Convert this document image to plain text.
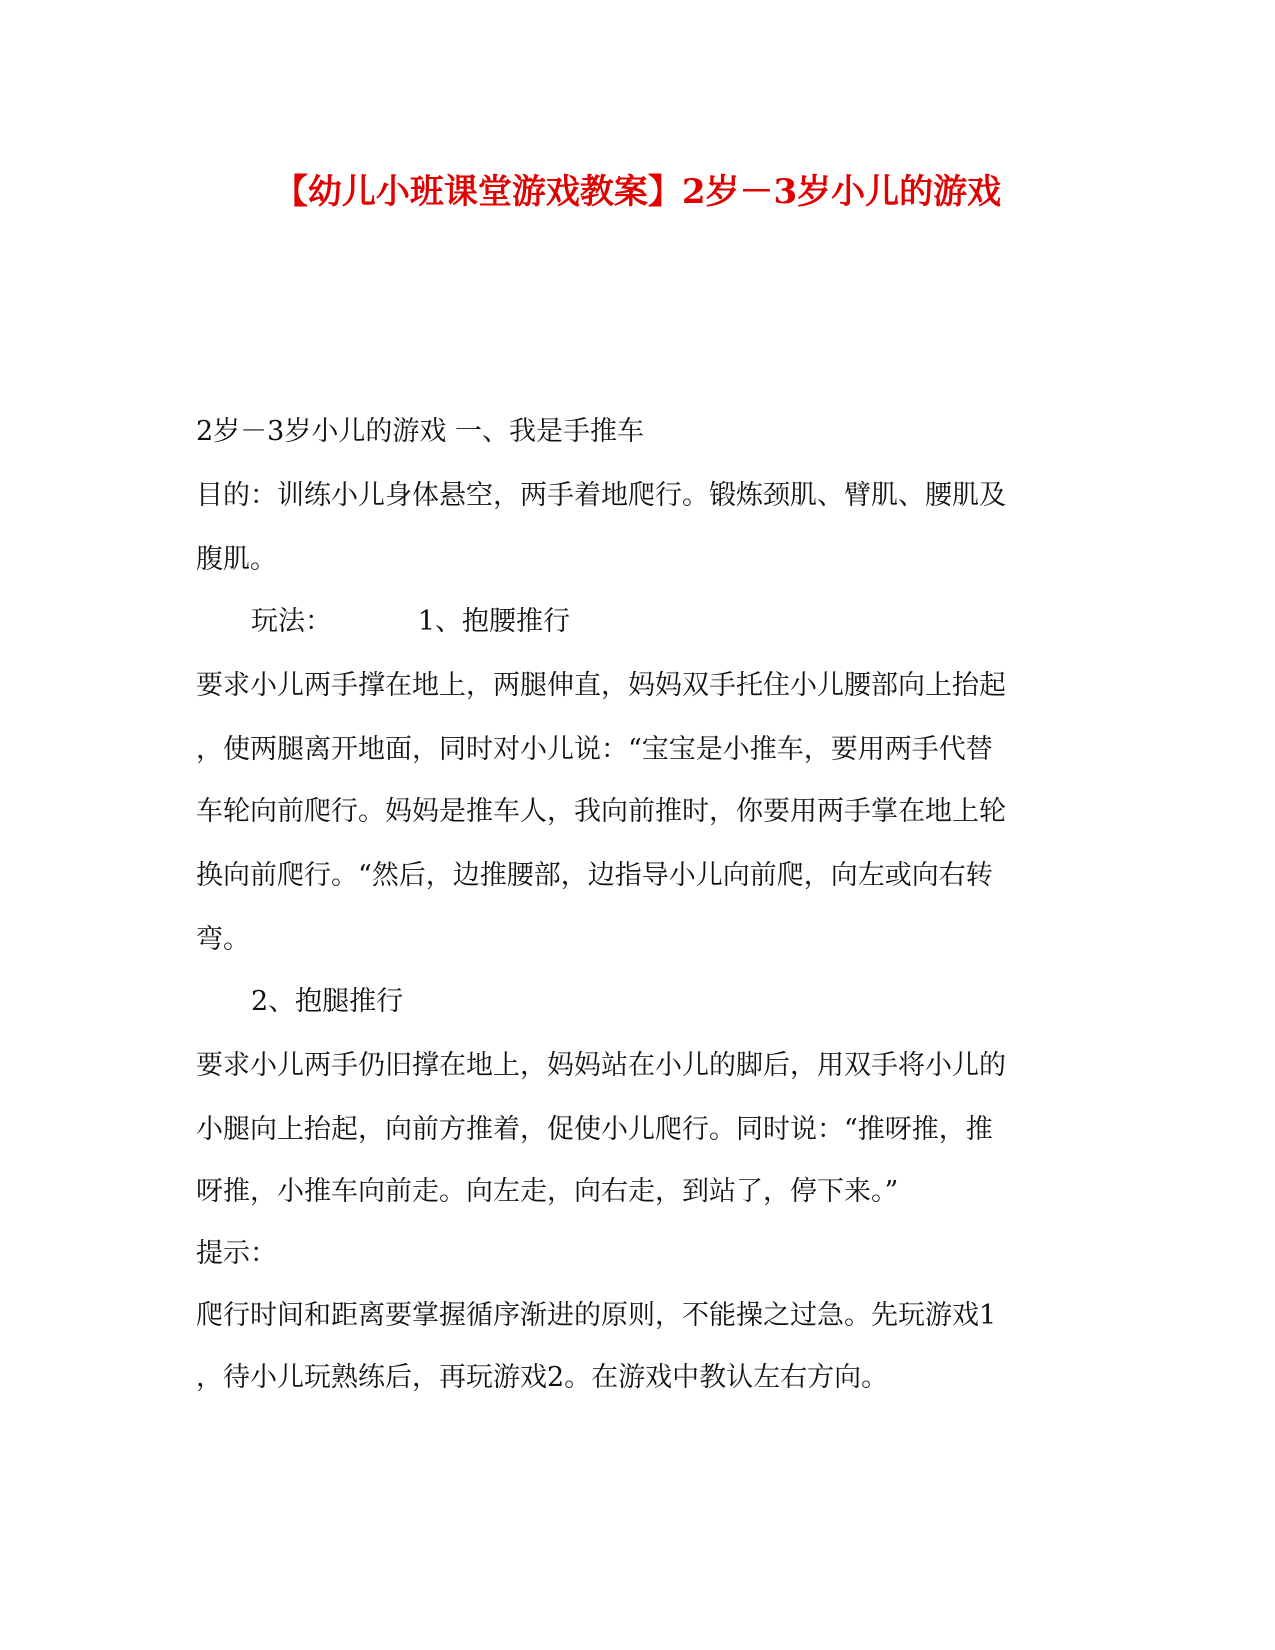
【幼儿小班课堂游戏教案】2岁－3岁小儿的游戏
2岁－3岁小儿的游戏 一、我是手推车
目的：训练小儿身体悬空，两手着地爬行。锻炼颈肌、臂肌、腰肌及
腹肌。
玩法：          1、抱腰推行
要求小儿两手撑在地上，两腿伸直，妈妈双手托住小儿腰部向上抬起
，使两腿离开地面，同时对小儿说：“宝宝是小推车，要用两手代替
车轮向前爬行。妈妈是推车人，我向前推时，你要用两手掌在地上轮
换向前爬行。“然后，边推腰部，边指导小儿向前爬，向左或向右转
弯。
2、抱腿推行
要求小儿两手仍旧撑在地上，妈妈站在小儿的脚后，用双手将小儿的
小腿向上抬起，向前方推着，促使小儿爬行。同时说：“推呀推，推
呀推，小推车向前走。向左走，向右走，到站了，停下来。”
提示：
爬行时间和距离要掌握循序渐进的原则，不能操之过急。先玩游戏1
，待小儿玩熟练后，再玩游戏2。在游戏中教认左右方向。
